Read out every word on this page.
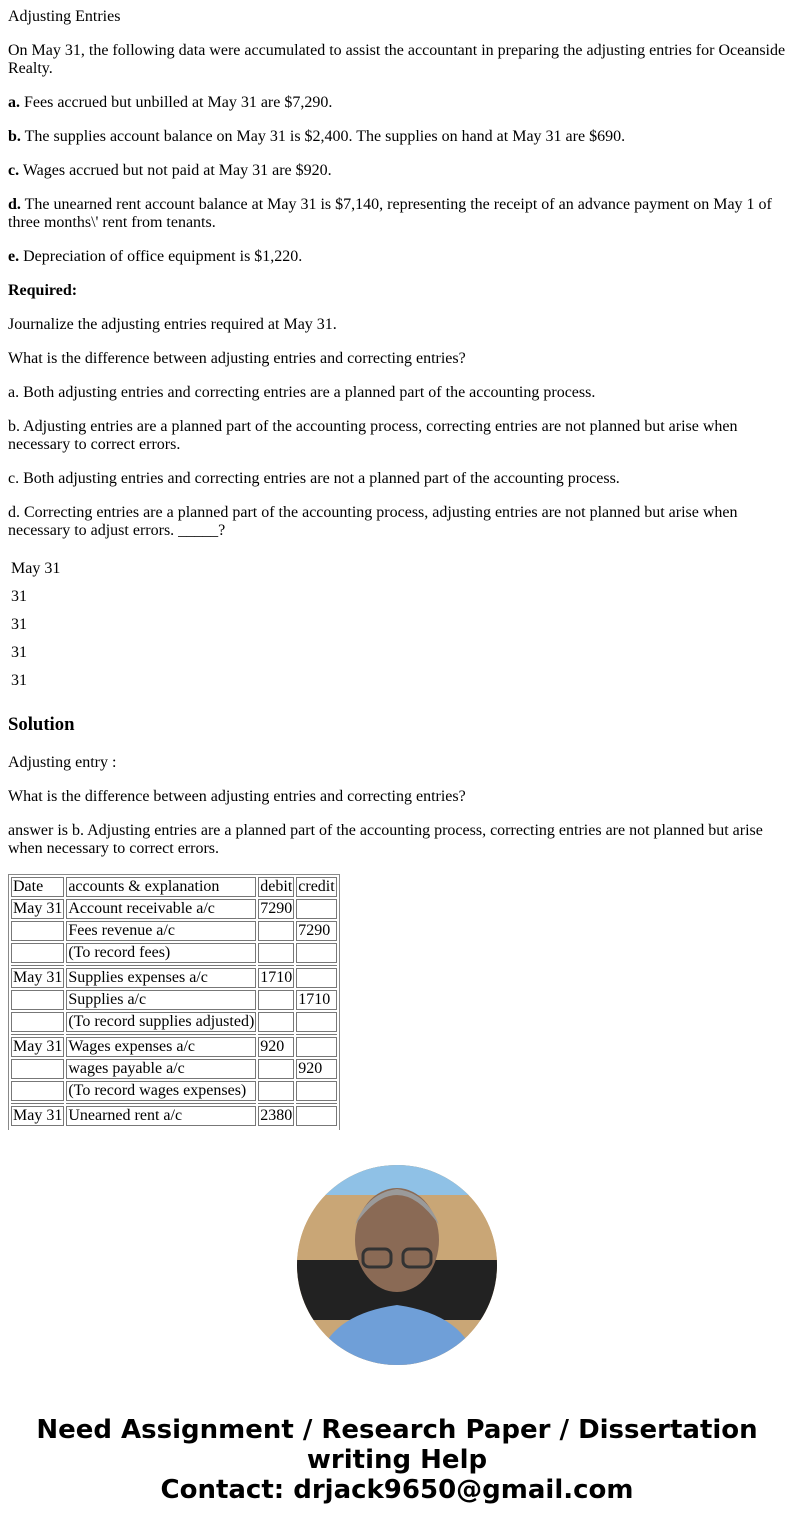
Adjusting Entries

On May 31, the following data were accumulated to assist the accountant in preparing the adjusting entries for Oceanside Realty.

a. Fees accrued but unbilled at May 31 are $7,290.

b. The supplies account balance on May 31 is $2,400. The supplies on hand at May 31 are $690.

c. Wages accrued but not paid at May 31 are $920.

d. The unearned rent account balance at May 31 is $7,140, representing the receipt of an advance payment on May 1 of three months\' rent from tenants.

e. Depreciation of office equipment is $1,220.

Required:

Journalize the adjusting entries required at May 31.

What is the difference between adjusting entries and correcting entries?

a. Both adjusting entries and correcting entries are a planned part of the accounting process.

b. Adjusting entries are a planned part of the accounting process, correcting entries are not planned but arise when necessary to correct errors.

c. Both adjusting entries and correcting entries are not a planned part of the accounting process.

d. Correcting entries are a planned part of the accounting process, adjusting entries are not planned but arise when necessary to adjust errors. _____?

May 31
31
31
31
31
Solution

Adjusting entry :

What is the difference between adjusting entries and correcting entries?

answer is b. Adjusting entries are a planned part of the accounting process, correcting entries are not planned but arise when necessary to correct errors.

Date	accounts & explanation	debit	credit
May 31	Account receivable a/c	7290	
	Fees revenue a/c		7290
	(To record fees)		

May 31	Supplies expenses a/c	1710	
	Supplies a/c		1710
	(To record supplies adjusted)		

May 31	Wages expenses a/c	920	
	wages payable a/c		920
	(To record wages expenses)		

May 31	Unearned rent a/c	2380	
Need Assignment / Research Paper / Dissertation writing Help
Contact: drjack9650@gmail.com
